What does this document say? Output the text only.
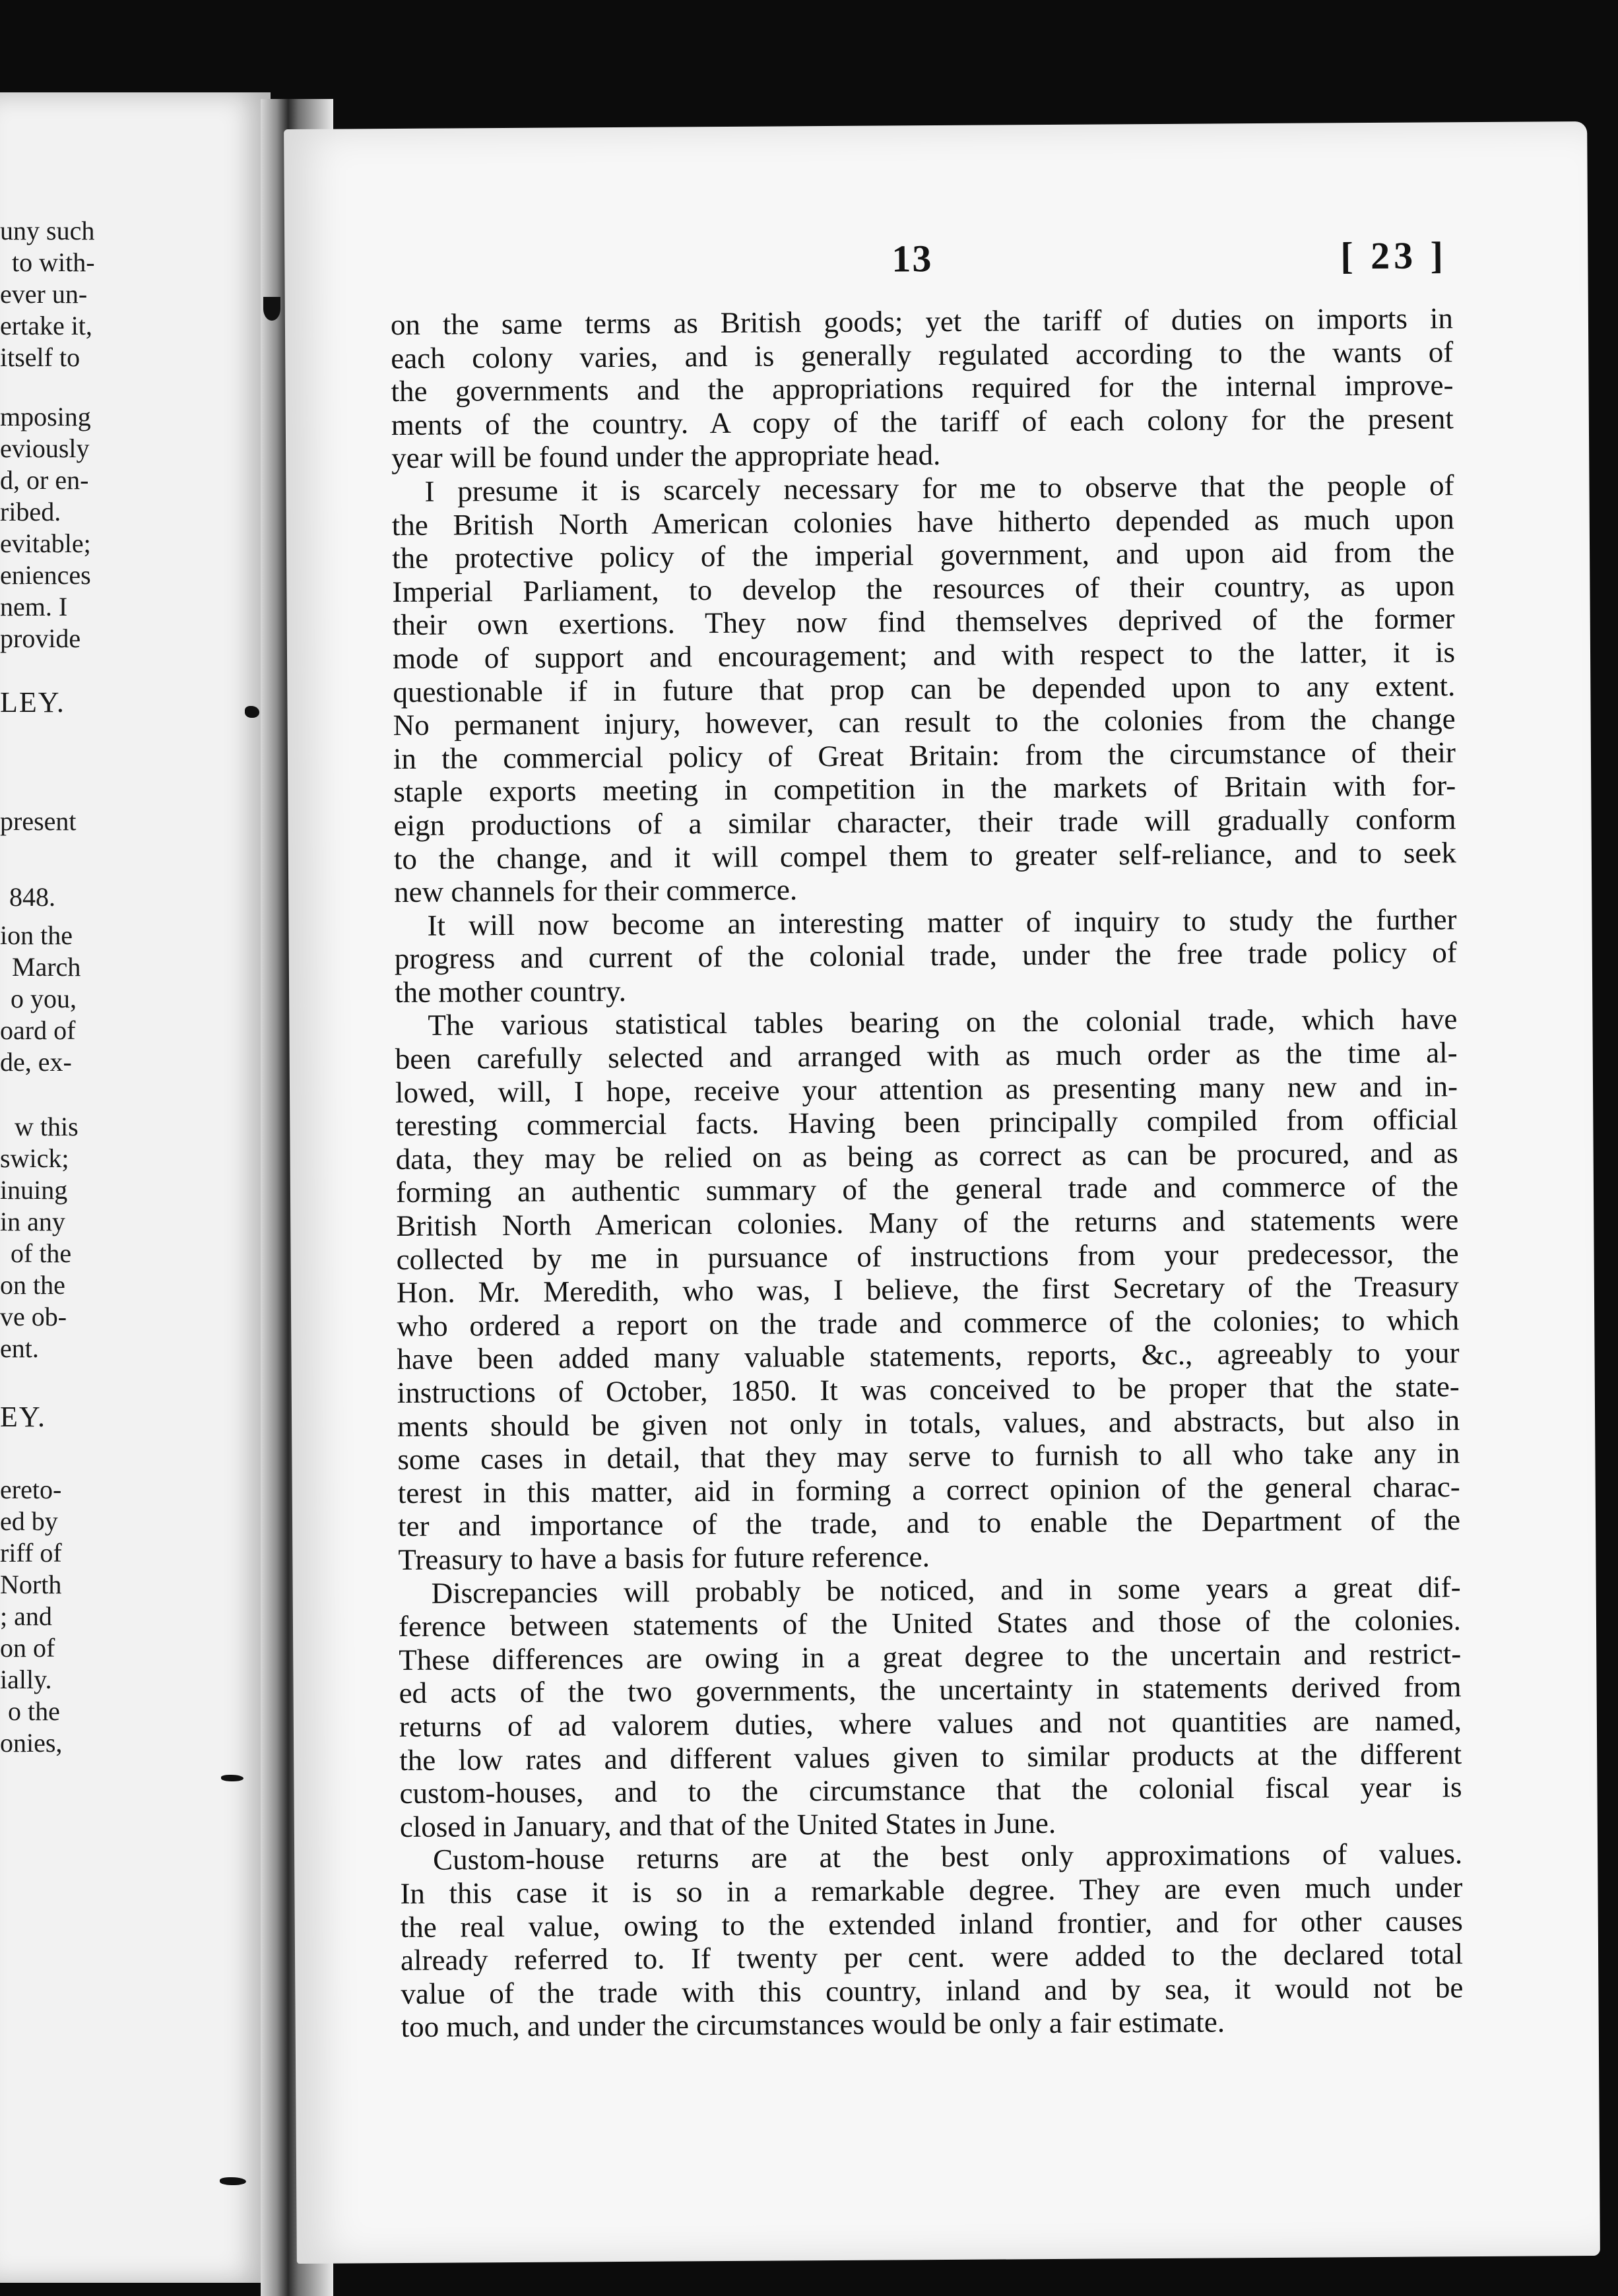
uny such
to with-
ever un-
ertake it,
itself to
mposing
eviously
d, or en-
ribed.
evitable;
eniences
nem. I
provide
LEY.
present
848.
ion the
March
o you,
oard of
de, ex-
w this
swick;
inuing
in any
of the
on the
ve ob-
ent.
EY.
ereto-
ed by
riff of
North
; and
on of
ially.
o the
onies,
13	[ 23 ]
on the same terms as British goods; yet the tariff of duties on imports in
each colony varies, and is generally regulated according to the wants of
the governments and the appropriations required for the internal improve-
ments of the country. A copy of the tariff of each colony for the present
year will be found under the appropriate head.
I presume it is scarcely necessary for me to observe that the people of
the British North American colonies have hitherto depended as much upon
the protective policy of the imperial government, and upon aid from the
Imperial Parliament, to develop the resources of their country, as upon
their own exertions. They now find themselves deprived of the former
mode of support and encouragement; and with respect to the latter, it is
questionable if in future that prop can be depended upon to any extent.
No permanent injury, however, can result to the colonies from the change
in the commercial policy of Great Britain: from the circumstance of their
staple exports meeting in competition in the markets of Britain with for-
eign productions of a similar character, their trade will gradually conform
to the change, and it will compel them to greater self-reliance, and to seek
new channels for their commerce.
It will now become an interesting matter of inquiry to study the further
progress and current of the colonial trade, under the free trade policy of
the mother country.
The various statistical tables bearing on the colonial trade, which have
been carefully selected and arranged with as much order as the time al-
lowed, will, I hope, receive your attention as presenting many new and in-
teresting commercial facts. Having been principally compiled from official
data, they may be relied on as being as correct as can be procured, and as
forming an authentic summary of the general trade and commerce of the
British North American colonies. Many of the returns and statements were
collected by me in pursuance of instructions from your predecessor, the
Hon. Mr. Meredith, who was, I believe, the first Secretary of the Treasury
who ordered a report on the trade and commerce of the colonies; to which
have been added many valuable statements, reports, &c., agreeably to your
instructions of October, 1850. It was conceived to be proper that the state-
ments should be given not only in totals, values, and abstracts, but also in
some cases in detail, that they may serve to furnish to all who take any in
terest in this matter, aid in forming a correct opinion of the general charac-
ter and importance of the trade, and to enable the Department of the
Treasury to have a basis for future reference.
Discrepancies will probably be noticed, and in some years a great dif-
ference between statements of the United States and those of the colonies.
These differences are owing in a great degree to the uncertain and restrict-
ed acts of the two governments, the uncertainty in statements derived from
returns of ad valorem duties, where values and not quantities are named,
the low rates and different values given to similar products at the different
custom-houses, and to the circumstance that the colonial fiscal year is
closed in January, and that of the United States in June.
Custom-house returns are at the best only approximations of values.
In this case it is so in a remarkable degree. They are even much under
the real value, owing to the extended inland frontier, and for other causes
already referred to. If twenty per cent. were added to the declared total
value of the trade with this country, inland and by sea, it would not be
too much, and under the circumstances would be only a fair estimate.
